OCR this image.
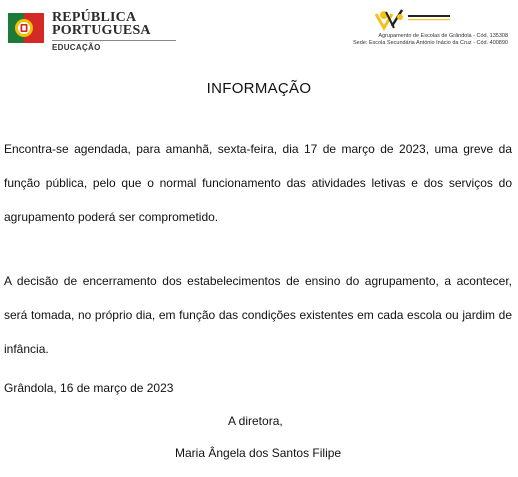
REPÚBLICA
PORTUGUESA
EDUCAÇÃO
Agrupamento de Escolas de Grândola - Cód. 135308
Sede: Escola Secundária António Inácio da Cruz - Cód. 400890
INFORMAÇÃO
Encontra-se agendada, para amanhã, sexta-feira, dia 17 de março de 2023, uma greve da função pública, pelo que o normal funcionamento das atividades letivas e dos serviços do agrupamento poderá ser comprometido.
A decisão de encerramento dos estabelecimentos de ensino do agrupamento, a acontecer, será tomada, no próprio dia, em função das condições existentes em cada escola ou jardim de infância.
Grândola, 16 de março de 2023
A diretora,
Maria Ângela dos Santos Filipe
